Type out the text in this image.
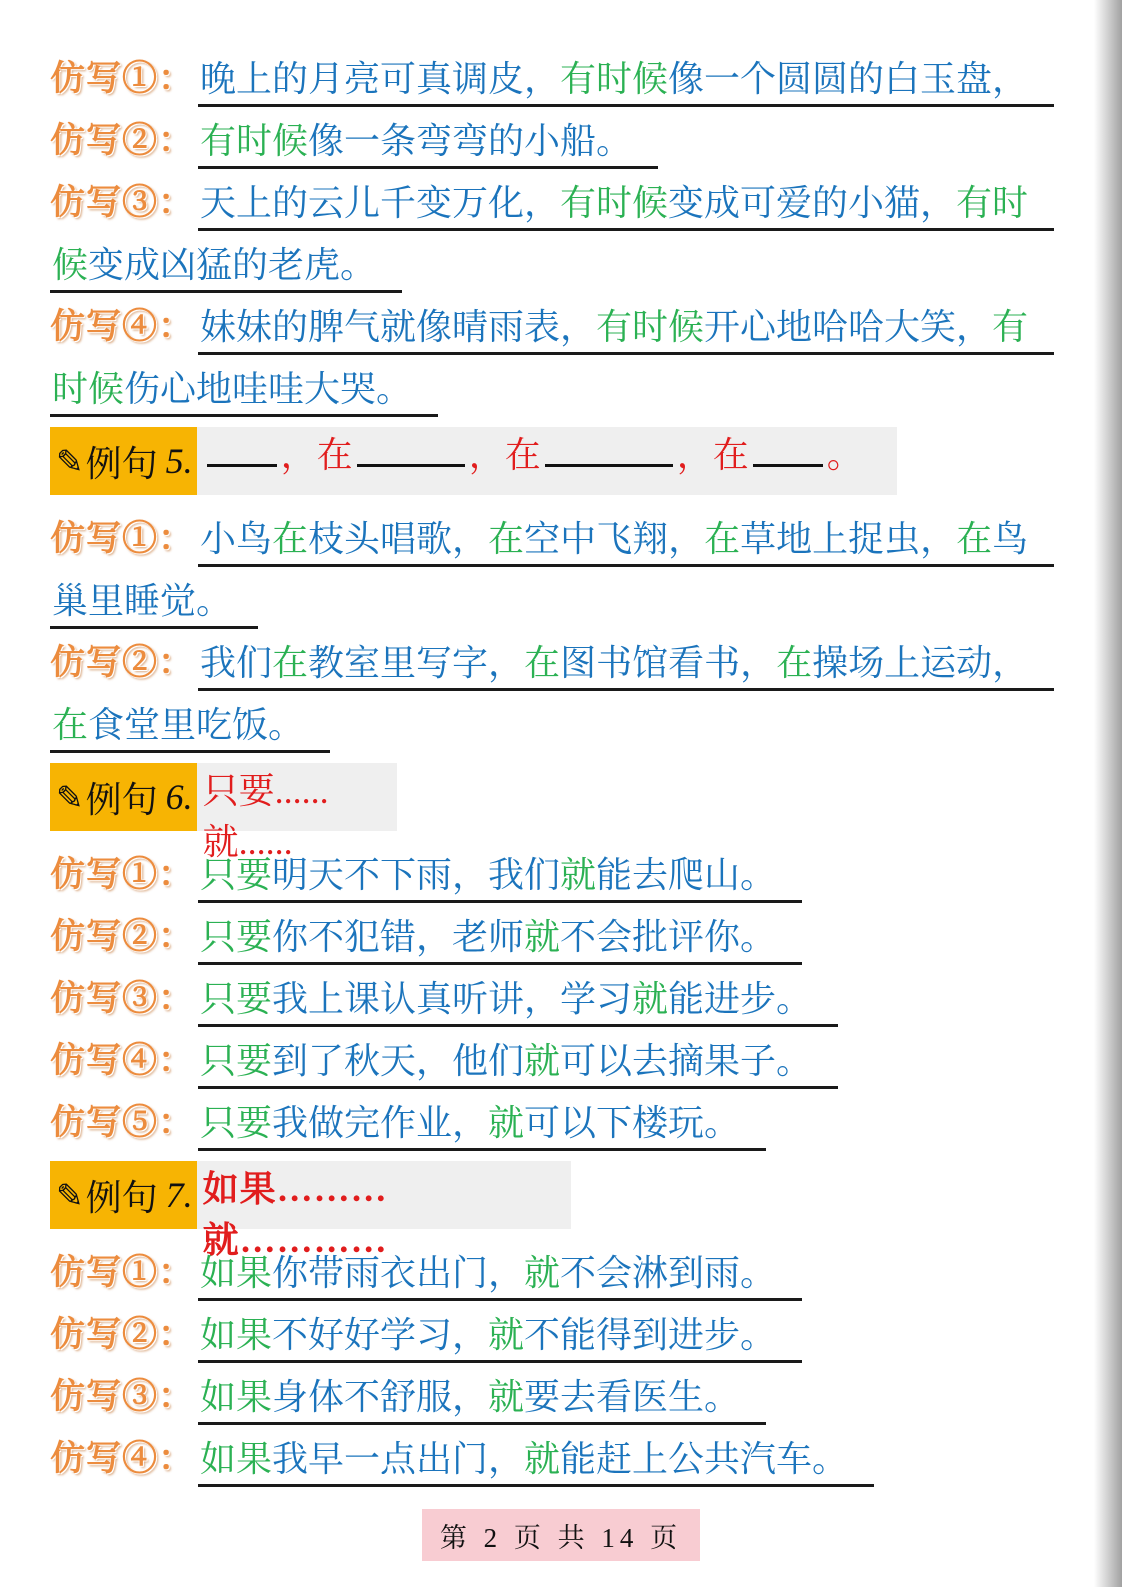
仿写①： 晚上的月亮可真调皮，有时候像一个圆圆的白玉盘，
仿写②： 有时候像一条弯弯的小船。
仿写③： 天上的云儿千变万化，有时候变成可爱的小猫，有时
候变成凶猛的老虎。
仿写④： 妹妹的脾气就像晴雨表，有时候开心地哈哈大笑，有
时候伤心地哇哇大哭。
✎ 例句 5. ，在	，在	，在 。
仿写①： 小鸟在枝头唱歌，在空中飞翔，在草地上捉虫，在鸟
巢里睡觉。
仿写②： 我们在教室里写字，在图书馆看书，在操场上运动，
在食堂里吃饭。
✎ 例句 6. 只要......就......
仿写①： 只要明天不下雨，我们就能去爬山。
仿写②： 只要你不犯错，老师就不会批评你。
仿写③： 只要我上课认真听讲，学习就能进步。
仿写④： 只要到了秋天，他们就可以去摘果子。
仿写⑤： 只要我做完作业，就可以下楼玩。
✎ 例句 7. 如果………就…………
仿写①： 如果你带雨衣出门，就不会淋到雨。
仿写②： 如果不好好学习，就不能得到进步。
仿写③： 如果身体不舒服，就要去看医生。
仿写④： 如果我早一点出门，就能赶上公共汽车。
第 2 页 共 14 页
